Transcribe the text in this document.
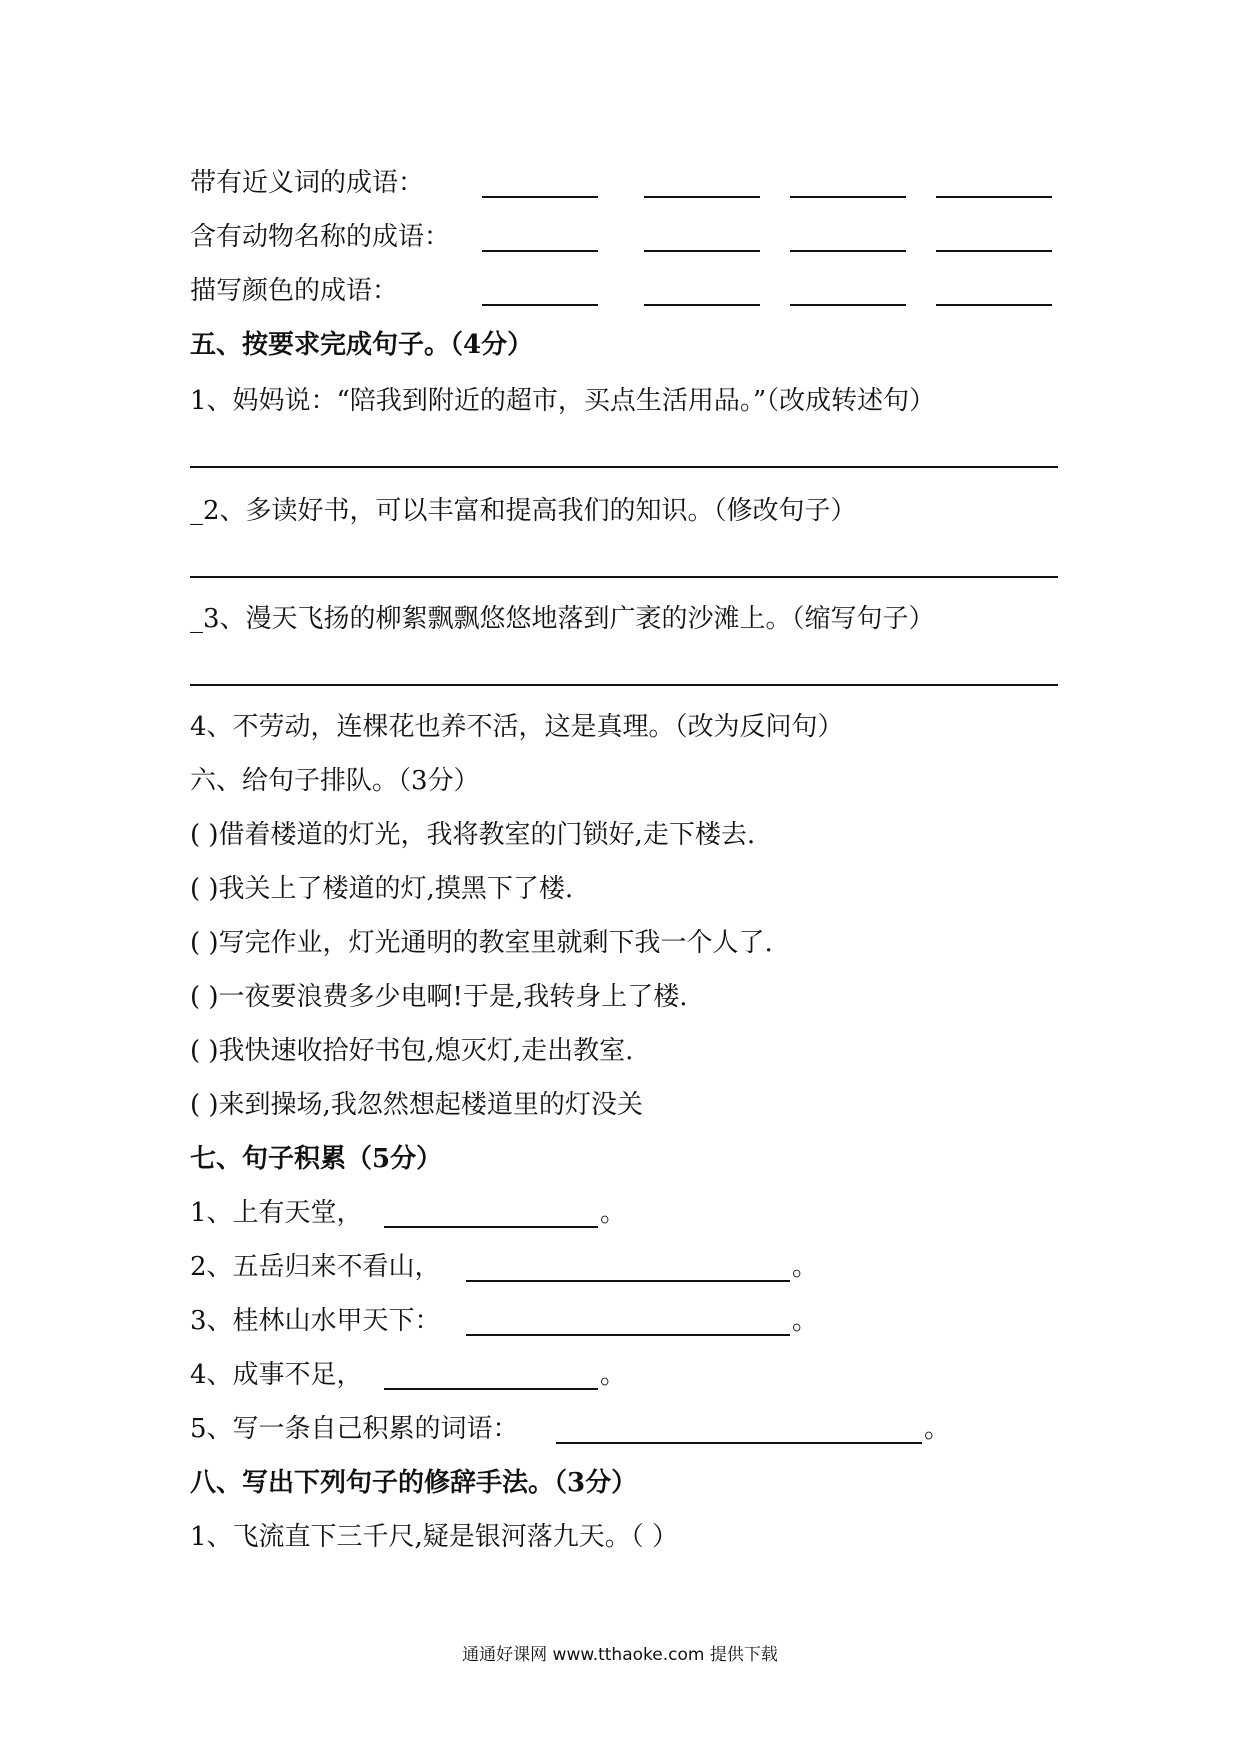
带有近义词的成语：
含有动物名称的成语：
描写颜色的成语：
五、按要求完成句子。（4分）
1、妈妈说：“陪我到附近的超市，买点生活用品。”（改成转述句）
_2、多读好书，可以丰富和提高我们的知识。（修改句子）
_3、漫天飞扬的柳絮飘飘悠悠地落到广袤的沙滩上。（缩写句子）
4、不劳动，连棵花也养不活，这是真理。（改为反问句）
六、给句子排队。（3分）
( )借着楼道的灯光，我将教室的门锁好,走下楼去.
( )我关上了楼道的灯,摸黑下了楼.
( )写完作业，灯光通明的教室里就剩下我一个人了.
( )一夜要浪费多少电啊!于是,我转身上了楼.
( )我快速收拾好书包,熄灭灯,走出教室.
( )来到操场,我忽然想起楼道里的灯没关
七、句子积累（5分）
1、上有天堂，	。
2、五岳归来不看山，	。
3、桂林山水甲天下：	。
4、成事不足，	。
5、写一条自己积累的词语：	。
八、写出下列句子的修辞手法。（3分）
1、飞流直下三千尺,疑是银河落九天。（ ）
通通好课网 www.tthaoke.com 提供下载
